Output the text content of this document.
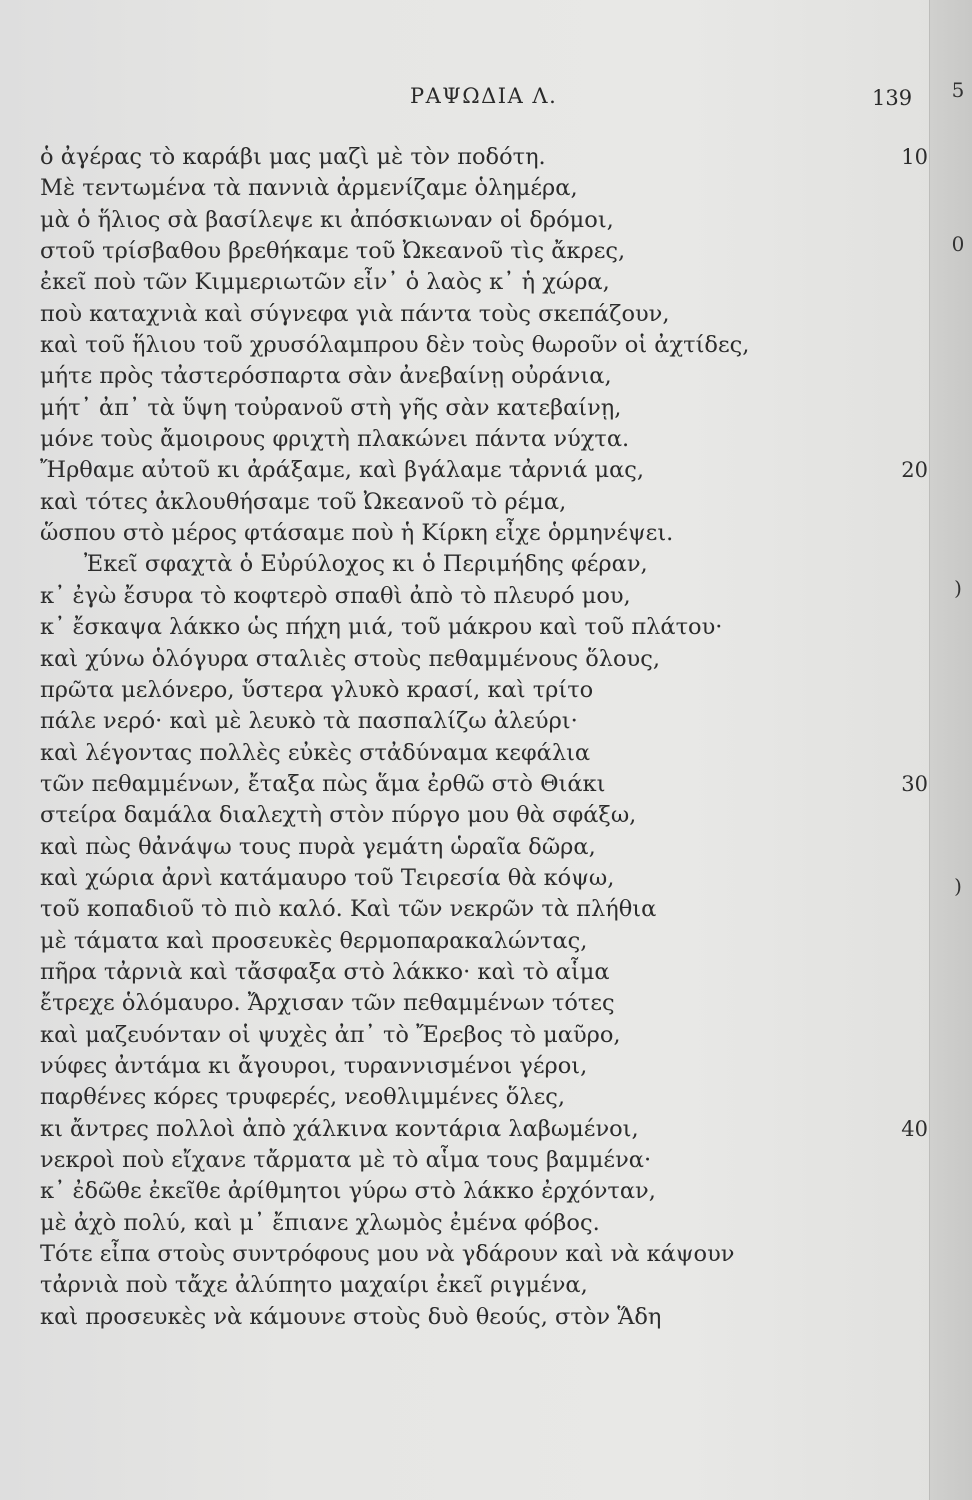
5
0
)
)
ΡΑΨΩΔΙΑ Λ.	139
ὁ ἀγέρας τὸ καράβι μας μαζὶ μὲ τὸν ποδότη.	10
Μὲ τεντωμένα τὰ παννιὰ ἀρμενίζαμε ὁλημέρα,
μὰ ὁ ἥλιος σὰ βασίλεψε κι ἀπόσκιωναν οἱ δρόμοι,
στοῦ τρίσβαθου βρεθήκαμε τοῦ Ὠκεανοῦ τὶς ἄκρες,
ἐκεῖ ποὺ τῶν Κιμμεριωτῶν εἶν᾽ ὁ λαὸς κ᾽ ἡ χώρα,
ποὺ καταχνιὰ καὶ σύγνεφα γιὰ πάντα τοὺς σκεπάζουν,
καὶ τοῦ ἥλιου τοῦ χρυσόλαμπρου δὲν τοὺς θωροῦν οἱ ἀχτίδες,
μήτε πρὸς τἀστερόσπαρτα σὰν ἀνεβαίνῃ οὐράνια,
μήτ᾽ ἀπ᾽ τὰ ὕψη τοὐρανοῦ στὴ γῆς σὰν κατεβαίνῃ,
μόνε τοὺς ἄμοιρους φριχτὴ πλακώνει πάντα νύχτα.
Ἤρθαμε αὐτοῦ κι ἀράξαμε, καὶ βγάλαμε τἀρνιά μας,	20
καὶ τότες ἀκλουθήσαμε τοῦ Ὠκεανοῦ τὸ ρέμα,
ὥσπου στὸ μέρος φτάσαμε ποὺ ἡ Κίρκη εἶχε ὁρμηνέψει.
Ἐκεῖ σφαχτὰ ὁ Εὐρύλοχος κι ὁ Περιμήδης φέραν,
κ᾽ ἐγὼ ἔσυρα τὸ κοφτερὸ σπαθὶ ἀπὸ τὸ πλευρό μου,
κ᾽ ἔσκαψα λάκκο ὡς πήχη μιά, τοῦ μάκρου καὶ τοῦ πλάτου·
καὶ χύνω ὁλόγυρα σταλιὲς στοὺς πεθαμμένους ὅλους,
πρῶτα μελόνερο, ὕστερα γλυκὸ κρασί, καὶ τρίτο
πάλε νερό· καὶ μὲ λευκὸ τὰ πασπαλίζω ἀλεύρι·
καὶ λέγοντας πολλὲς εὐκὲς στἀδύναμα κεφάλια
τῶν πεθαμμένων, ἔταξα πὼς ἅμα ἐρθῶ στὸ Θιάκι	30
στείρα δαμάλα διαλεχτὴ στὸν πύργο μου θὰ σφάξω,
καὶ πὼς θἀνάψω τους πυρὰ γεμάτη ὡραῖα δῶρα,
καὶ χώρια ἀρνὶ κατάμαυρο τοῦ Τειρεσία θὰ κόψω,
τοῦ κοπαδιοῦ τὸ πιὸ καλό. Καὶ τῶν νεκρῶν τὰ πλήθια
μὲ τάματα καὶ προσευκὲς θερμοπαρακαλώντας,
πῆρα τἀρνιὰ καὶ τἄσφαξα στὸ λάκκο· καὶ τὸ αἷμα
ἔτρεχε ὁλόμαυρο. Ἄρχισαν τῶν πεθαμμένων τότες
καὶ μαζευόνταν οἱ ψυχὲς ἀπ᾽ τὸ Ἔρεβος τὸ μαῦρο,
νύφες ἀντάμα κι ἄγουροι, τυραννισμένοι γέροι,
παρθένες κόρες τρυφερές, νεοθλιμμένες ὅλες,
κι ἄντρες πολλοὶ ἀπὸ χάλκινα κοντάρια λαβωμένοι,	40
νεκροὶ ποὺ εἴχανε τἄρματα μὲ τὸ αἷμα τους βαμμένα·
κ᾽ ἐδῶθε ἐκεῖθε ἀρίθμητοι γύρω στὸ λάκκο ἐρχόνταν,
μὲ ἀχὸ πολύ, καὶ μ᾽ ἔπιανε χλωμὸς ἐμένα φόβος.
Τότε εἶπα στοὺς συντρόφους μου νὰ γδάρουν καὶ νὰ κάψουν
τἀρνιὰ ποὺ τἄχε ἀλύπητο μαχαίρι ἐκεῖ ριγμένα,
καὶ προσευκὲς νὰ κάμουνε στοὺς δυὸ θεούς, στὸν Ἅδη
